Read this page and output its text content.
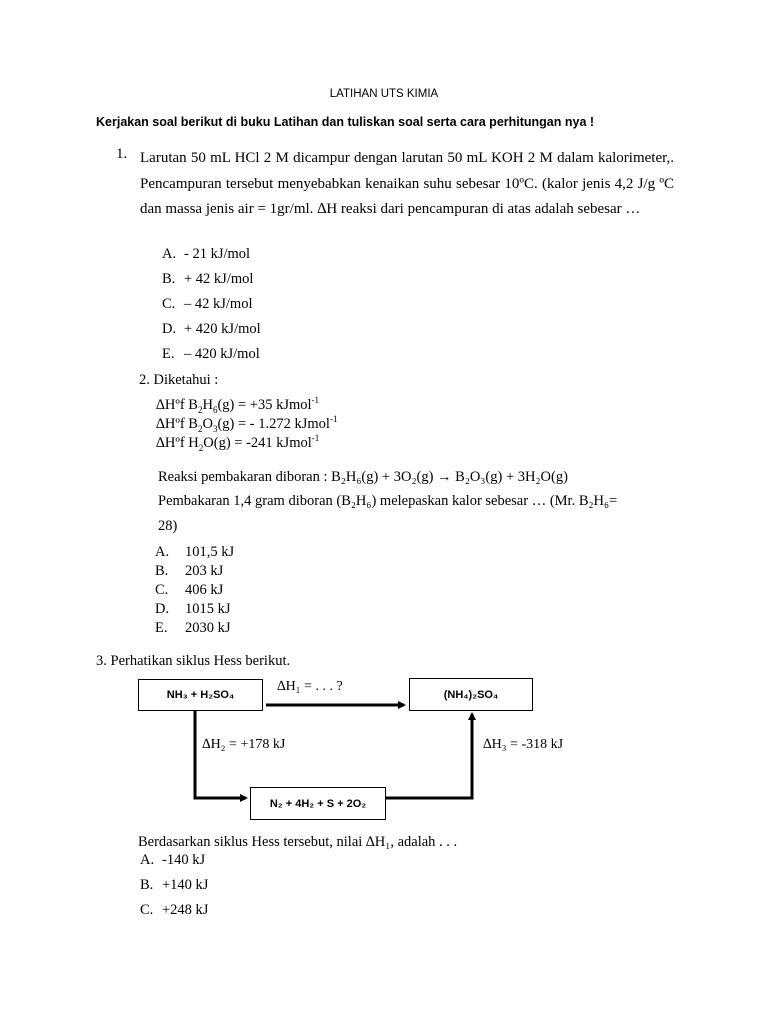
LATIHAN UTS KIMIA
Kerjakan soal berikut di buku Latihan dan tuliskan soal serta cara perhitungan nya !
1. Larutan 50 mL HCl 2 M dicampur dengan larutan 50 mL KOH 2 M dalam kalorimeter,. Pencampuran tersebut menyebabkan kenaikan suhu sebesar 10ºC. (kalor jenis 4,2 J/g ºC dan massa jenis air = 1gr/ml. ∆H reaksi dari pencampuran di atas adalah sebesar …
A. - 21 kJ/mol
B. + 42 kJ/mol
C. – 42 kJ/mol
D. + 420 kJ/mol
E. – 420 kJ/mol
2. Diketahui :
∆Hºf $B_2H_6(g) = +35$ kJmol$^{-1}$
∆Hºf $B_2O_3(g)$ = - 1.272 kJmol$^{-1}$
∆Hºf $H_2O(g) = -241$ kJmol$^{-1}$
Reaksi pembakaran diboran : B₂H₆(g) + 3O₂(g) → B₂O₃(g) + 3H₂O(g)
Pembakaran 1,4 gram diboran (B₂H₆) melepaskan kalor sebesar … (Mr. B₂H₆=
28)
A. 101,5 kJ
B. 203 kJ
C. 406 kJ
D. 1015 kJ
E. 2030 kJ
3. Perhatikan siklus Hess berikut.
NH₃ + H₂SO₄	(NH₄)₂SO₄
N₂ + 4H₂ + S + 2O₂
∆H₁ = . . . ?
∆H₂ = +178 kJ	∆H₃ = -318 kJ
Berdasarkan siklus Hess tersebut, nilai ∆H₁, adalah . . .
A. -140 kJ
B. +140 kJ
C. +248 kJ
